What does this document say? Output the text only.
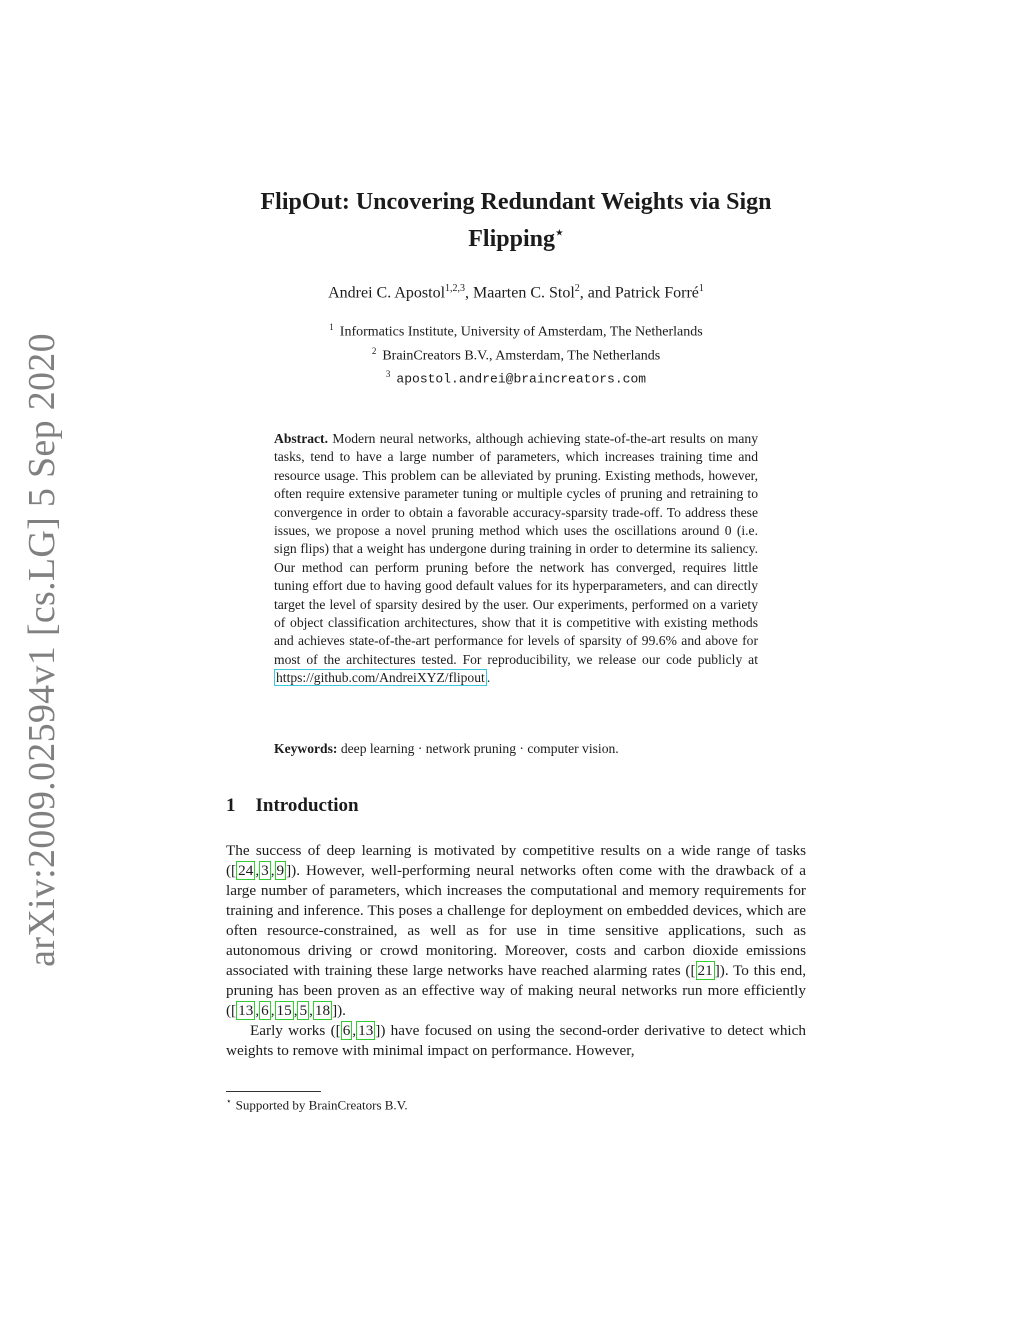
arXiv:2009.02594v1 [cs.LG] 5 Sep 2020
FlipOut: Uncovering Redundant Weights via Sign
Flipping⋆
Andrei C. Apostol$^{1,2,3}$, Maarten C. Stol$^2$, and Patrick Forré$^1$
$^1$ Informatics Institute, University of Amsterdam, The Netherlands
$^2$ BrainCreators B.V., Amsterdam, The Netherlands
$^3$ apostol.andrei@braincreators.com
Abstract. Modern neural networks, although achieving state-of-the-art results on many tasks, tend to have a large number of parameters, which increases training time and resource usage. This problem can be alleviated by pruning. Existing methods, however, often require extensive parameter tuning or multiple cycles of pruning and retraining to convergence in order to obtain a favorable accuracy-sparsity trade-off. To address these issues, we propose a novel pruning method which uses the oscillations around 0 (i.e. sign flips) that a weight has undergone during training in order to determine its saliency. Our method can perform pruning before the network has converged, requires little tuning effort due to having good default values for its hyperparameters, and can directly target the level of sparsity desired by the user. Our experiments, performed on a variety of object classification architectures, show that it is competitive with existing methods and achieves state-of-the-art performance for levels of sparsity of 99.6% and above for most of the architectures tested. For reproducibility, we release our code publicly at https://github.com/AndreiXYZ/flipout .
Keywords: deep learning · network pruning · computer vision.
1 Introduction

The success of deep learning is motivated by competitive results on a wide range of tasks ([ 24 , 3 , 9 ]). However, well-performing neural networks often come with the drawback of a large number of parameters, which increases the computational and memory requirements for training and inference. This poses a challenge for deployment on embedded devices, which are often resource-constrained, as well as for use in time sensitive applications, such as autonomous driving or crowd monitoring. Moreover, costs and carbon dioxide emissions associated with training these large networks have reached alarming rates ([ 21 ]). To this end, pruning has been proven as an effective way of making neural networks run more efficiently ([ 13 , 6 , 15 , 5 , 18 ]).

Early works ([ 6 , 13 ]) have focused on using the second-order derivative to detect which weights to remove with minimal impact on performance. However,

⋆ Supported by BrainCreators B.V.
